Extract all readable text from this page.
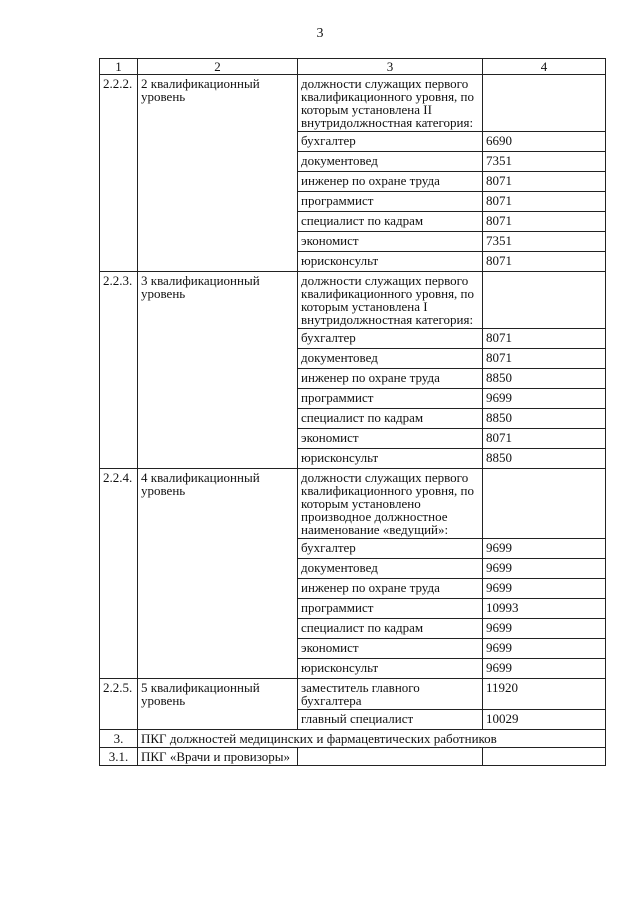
3
1	2	3	4
2.2.2.	2 квалификационный уровень	должности служащих первого квалификационного уровня, по которым установлена II внутридолжностная категория:	
		бухгалтер	6690
		документовед	7351
		инженер по охране труда	8071
		программист	8071
		специалист по кадрам	8071
		экономист	7351
		юрисконсульт	8071
2.2.3.	3 квалификационный уровень	должности служащих первого квалификационного уровня, по которым установлена I внутридолжностная категория:	
		бухгалтер	8071
		документовед	8071
		инженер по охране труда	8850
		программист	9699
		специалист по кадрам	8850
		экономист	8071
		юрисконсульт	8850
2.2.4.	4 квалификационный уровень	должности служащих первого квалификационного уровня, по которым установлено производное должностное наименование «ведущий»:	
		бухгалтер	9699
		документовед	9699
		инженер по охране труда	9699
		программист	10993
		специалист по кадрам	9699
		экономист	9699
		юрисконсульт	9699
2.2.5.	5 квалификационный уровень	заместитель главного бухгалтера	11920
		главный специалист	10029
3.	ПКГ должностей медицинских и фармацевтических работников		
3.1.	ПКГ «Врачи и провизоры»		
